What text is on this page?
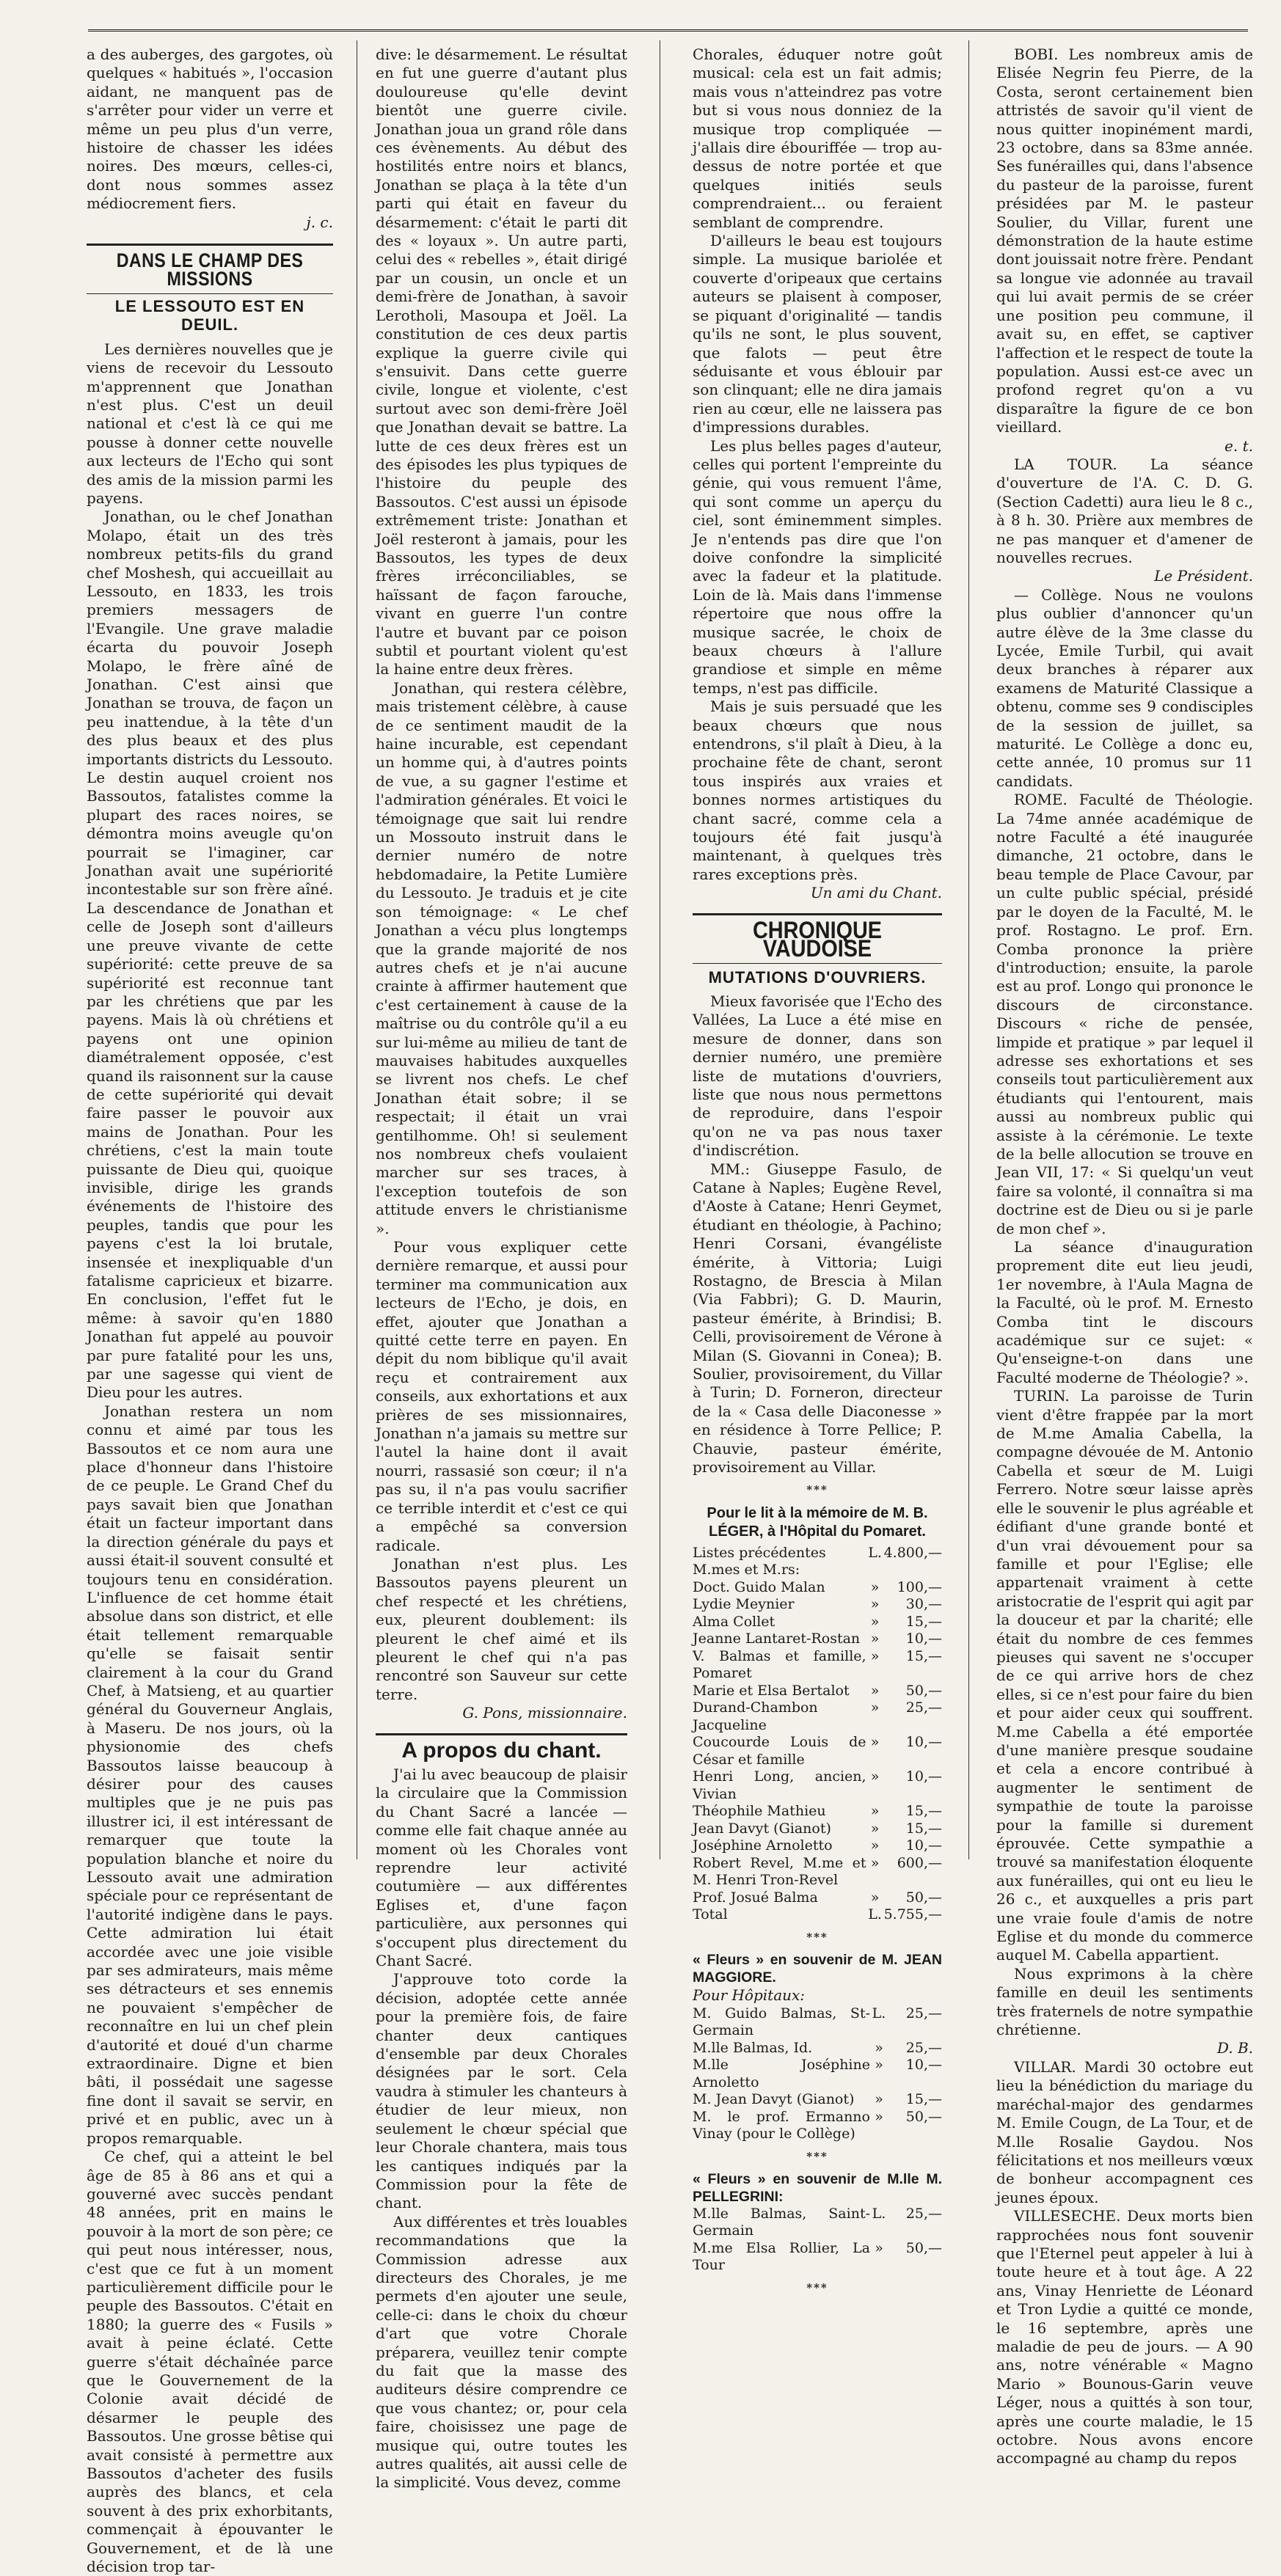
a des auberges, des gargotes, où quelques « habitués », l'occasion aidant, ne manquent pas de s'arrêter pour vider un verre et même un peu plus d'un verre, histoire de chasser les idées noires. Des mœurs, celles-ci, dont nous sommes assez médiocrement fiers.

j. c.

DANS LE CHAMP DES MISSIONS
LE LESSOUTO EST EN DEUIL.

Les dernières nouvelles que je viens de recevoir du Lessouto m'apprennent que Jonathan n'est plus. C'est un deuil national et c'est là ce qui me pousse à donner cette nouvelle aux lecteurs de l'Echo qui sont des amis de la mission parmi les payens.

Jonathan, ou le chef Jonathan Molapo, était un des très nombreux petits-fils du grand chef Moshesh, qui accueillait au Lessouto, en 1833, les trois premiers messagers de l'Evangile. Une grave maladie écarta du pouvoir Joseph Molapo, le frère aîné de Jonathan. C'est ainsi que Jonathan se trouva, de façon un peu inattendue, à la tête d'un des plus beaux et des plus importants districts du Lessouto. Le destin auquel croient nos Bassoutos, fatalistes comme la plupart des races noires, se démontra moins aveugle qu'on pourrait se l'imaginer, car Jonathan avait une supériorité incontestable sur son frère aîné. La descendance de Jonathan et celle de Joseph sont d'ailleurs une preuve vivante de cette supériorité: cette preuve de sa supériorité est reconnue tant par les chrétiens que par les payens. Mais là où chrétiens et payens ont une opinion diamétralement opposée, c'est quand ils raisonnent sur la cause de cette supériorité qui devait faire passer le pouvoir aux mains de Jonathan. Pour les chrétiens, c'est la main toute puissante de Dieu qui, quoique invisible, dirige les grands événements de l'histoire des peuples, tandis que pour les payens c'est la loi brutale, insensée et inexpliquable d'un fatalisme capricieux et bizarre. En conclusion, l'effet fut le même: à savoir qu'en 1880 Jonathan fut appelé au pouvoir par pure fatalité pour les uns, par une sagesse qui vient de Dieu pour les autres.

Jonathan restera un nom connu et aimé par tous les Bassoutos et ce nom aura une place d'honneur dans l'histoire de ce peuple. Le Grand Chef du pays savait bien que Jonathan était un facteur important dans la direction générale du pays et aussi était-il souvent consulté et toujours tenu en considération. L'influence de cet homme était absolue dans son district, et elle était tellement remarquable qu'elle se faisait sentir clairement à la cour du Grand Chef, à Matsieng, et au quartier général du Gouverneur Anglais, à Maseru. De nos jours, où la physionomie des chefs Bassoutos laisse beaucoup à désirer pour des causes multiples que je ne puis pas illustrer ici, il est intéressant de remarquer que toute la population blanche et noire du Lessouto avait une admiration spéciale pour ce représentant de l'autorité indigène dans le pays. Cette admiration lui était accordée avec une joie visible par ses admirateurs, mais même ses détracteurs et ses ennemis ne pouvaient s'empêcher de reconnaître en lui un chef plein d'autorité et doué d'un charme extraordinaire. Digne et bien bâti, il possédait une sagesse fine dont il savait se servir, en privé et en public, avec un à propos remarquable.

Ce chef, qui a atteint le bel âge de 85 à 86 ans et qui a gouverné avec succès pendant 48 années, prit en mains le pouvoir à la mort de son père; ce qui peut nous intéresser, nous, c'est que ce fut à un moment particulièrement difficile pour le peuple des Bassoutos. C'était en 1880; la guerre des « Fusils » avait à peine éclaté. Cette guerre s'était déchaînée parce que le Gouvernement de la Colonie avait décidé de désarmer le peuple des Bassoutos. Une grosse bêtise qui avait consisté à permettre aux Bassoutos d'acheter des fusils auprès des blancs, et cela souvent à des prix exhorbitants, commençait à épouvanter le Gouvernement, et de là une décision trop tar-

dive: le désarmement. Le résultat en fut une guerre d'autant plus douloureuse qu'elle devint bientôt une guerre civile. Jonathan joua un grand rôle dans ces évènements. Au début des hostilités entre noirs et blancs, Jonathan se plaça à la tête d'un parti qui était en faveur du désarmement: c'était le parti dit des « loyaux ». Un autre parti, celui des « rebelles », était dirigé par un cousin, un oncle et un demi-frère de Jonathan, à savoir Lerotholi, Masoupa et Joël. La constitution de ces deux partis explique la guerre civile qui s'ensuivit. Dans cette guerre civile, longue et violente, c'est surtout avec son demi-frère Joël que Jonathan devait se battre. La lutte de ces deux frères est un des épisodes les plus typiques de l'histoire du peuple des Bassoutos. C'est aussi un épisode extrêmement triste: Jonathan et Joël resteront à jamais, pour les Bassoutos, les types de deux frères irréconciliables, se haïssant de façon farouche, vivant en guerre l'un contre l'autre et buvant par ce poison subtil et pourtant violent qu'est la haine entre deux frères.

Jonathan, qui restera célèbre, mais tristement célèbre, à cause de ce sentiment maudit de la haine incurable, est cependant un homme qui, à d'autres points de vue, a su gagner l'estime et l'admiration générales. Et voici le témoignage que sait lui rendre un Mossouto instruit dans le dernier numéro de notre hebdomadaire, la Petite Lumière du Lessouto. Je traduis et je cite son témoignage: « Le chef Jonathan a vécu plus longtemps que la grande majorité de nos autres chefs et je n'ai aucune crainte à affirmer hautement que c'est certainement à cause de la maîtrise ou du contrôle qu'il a eu sur lui-même au milieu de tant de mauvaises habitudes auxquelles se livrent nos chefs. Le chef Jonathan était sobre; il se respectait; il était un vrai gentilhomme. Oh! si seulement nos nombreux chefs voulaient marcher sur ses traces, à l'exception toutefois de son attitude envers le christianisme ».

Pour vous expliquer cette dernière remarque, et aussi pour terminer ma communication aux lecteurs de l'Echo, je dois, en effet, ajouter que Jonathan a quitté cette terre en payen. En dépit du nom biblique qu'il avait reçu et contrairement aux conseils, aux exhortations et aux prières de ses missionnaires, Jonathan n'a jamais su mettre sur l'autel la haine dont il avait nourri, rassasié son cœur; il n'a pas su, il n'a pas voulu sacrifier ce terrible interdit et c'est ce qui a empêché sa conversion radicale.

Jonathan n'est plus. Les Bassoutos payens pleurent un chef respecté et les chrétiens, eux, pleurent doublement: ils pleurent le chef aimé et ils pleurent le chef qui n'a pas rencontré son Sauveur sur cette terre.

G. Pons, missionnaire.

A propos du chant.

J'ai lu avec beaucoup de plaisir la circulaire que la Commission du Chant Sacré a lancée — comme elle fait chaque année au moment où les Chorales vont reprendre leur activité coutumière — aux différentes Eglises et, d'une façon particulière, aux personnes qui s'occupent plus directement du Chant Sacré.

J'approuve toto corde la décision, adoptée cette année pour la première fois, de faire chanter deux cantiques d'ensemble par deux Chorales désignées par le sort. Cela vaudra à stimuler les chanteurs à étudier de leur mieux, non seulement le chœur spécial que leur Chorale chantera, mais tous les cantiques indiqués par la Commission pour la fête de chant.

Aux différentes et très louables recommandations que la Commission adresse aux directeurs des Chorales, je me permets d'en ajouter une seule, celle-ci: dans le choix du chœur d'art que votre Chorale préparera, veuillez tenir compte du fait que la masse des auditeurs désire comprendre ce que vous chantez; or, pour cela faire, choisissez une page de musique qui, outre toutes les autres qualités, ait aussi celle de la simplicité. Vous devez, comme

Chorales, éduquer notre goût musical: cela est un fait admis; mais vous n'atteindrez pas votre but si vous nous donniez de la musique trop compliquée — j'allais dire ébouriffée — trop au-dessus de notre portée et que quelques initiés seuls comprendraient... ou feraient semblant de comprendre.

D'ailleurs le beau est toujours simple. La musique bariolée et couverte d'oripeaux que certains auteurs se plaisent à composer, se piquant d'originalité — tandis qu'ils ne sont, le plus souvent, que falots — peut être séduisante et vous éblouir par son clinquant; elle ne dira jamais rien au cœur, elle ne laissera pas d'impressions durables.

Les plus belles pages d'auteur, celles qui portent l'empreinte du génie, qui vous remuent l'âme, qui sont comme un aperçu du ciel, sont éminemment simples. Je n'entends pas dire que l'on doive confondre la simplicité avec la fadeur et la platitude. Loin de là. Mais dans l'immense répertoire que nous offre la musique sacrée, le choix de beaux chœurs à l'allure grandiose et simple en même temps, n'est pas difficile.

Mais je suis persuadé que les beaux chœurs que nous entendrons, s'il plaît à Dieu, à la prochaine fête de chant, seront tous inspirés aux vraies et bonnes normes artistiques du chant sacré, comme cela a toujours été fait jusqu'à maintenant, à quelques très rares exceptions près.

Un ami du Chant.

CHRONIQUE VAUDOISE
MUTATIONS D'OUVRIERS.

Mieux favorisée que l'Echo des Vallées, La Luce a été mise en mesure de donner, dans son dernier numéro, une première liste de mutations d'ouvriers, liste que nous nous permettons de reproduire, dans l'espoir qu'on ne va pas nous taxer d'indiscrétion.

MM.: Giuseppe Fasulo, de Catane à Naples; Eugène Revel, d'Aoste à Catane; Henri Geymet, étudiant en théologie, à Pachino; Henri Corsani, évangéliste émérite, à Vittoria; Luigi Rostagno, de Brescia à Milan (Via Fabbri); G. D. Maurin, pasteur émérite, à Brindisi; B. Celli, provisoirement de Vérone à Milan (S. Giovanni in Conea); B. Soulier, provisoirement, du Villar à Turin; D. Forneron, directeur de la « Casa delle Diaconesse » en résidence à Torre Pellice; P. Chauvie, pasteur émérite, provisoirement au Villar.

***
Pour le lit à la mémoire de M. B. LÉGER, à l'Hôpital du Pomaret.
Listes précédentes	L.	4.800,—
M.mes et M.rs:		
Doct. Guido Malan	»	100,—
Lydie Meynier	»	30,—
Alma Collet	»	15,—
Jeanne Lantaret-Rostan	»	10,—
V. Balmas et famille, Pomaret	»	15,—
Marie et Elsa Bertalot	»	50,—
Durand-Chambon Jacqueline	»	25,—
Coucourde Louis de César et famille	»	10,—
Henri Long, ancien, Vivian	»	10,—
Théophile Mathieu	»	15,—
Jean Davyt (Gianot)	»	15,—
Joséphine Arnoletto	»	10,—
Robert Revel, M.me et M. Henri Tron-Revel	»	600,—
Prof. Josué Balma	»	50,—
Total	L.	5.755,—
***
« Fleurs » en souvenir de M. JEAN MAGGIORE.
Pour Hôpitaux:
M. Guido Balmas, St-Germain	L.	25,—
M.lle Balmas, Id.	»	25,—
M.lle Joséphine Arnoletto	»	10,—
M. Jean Davyt (Gianot)	»	15,—
M. le prof. Ermanno Vinay (pour le Collège)	»	50,—
***
« Fleurs » en souvenir de M.lle M. PELLEGRINI:
M.lle Balmas, Saint-Germain	L.	25,—
M.me Elsa Rollier, La Tour	»	50,—
***

BOBI. Les nombreux amis de Elisée Negrin feu Pierre, de la Costa, seront certainement bien attristés de savoir qu'il vient de nous quitter inopinément mardi, 23 octobre, dans sa 83me année. Ses funérailles qui, dans l'absence du pasteur de la paroisse, furent présidées par M. le pasteur Soulier, du Villar, furent une démonstration de la haute estime dont jouissait notre frère. Pendant sa longue vie adonnée au travail qui lui avait permis de se créer une position peu commune, il avait su, en effet, se captiver l'affection et le respect de toute la population. Aussi est-ce avec un profond regret qu'on a vu disparaître la figure de ce bon vieillard.

e. t.

LA TOUR. La séance d'ouverture de l'A. C. D. G. (Section Cadetti) aura lieu le 8 c., à 8 h. 30. Prière aux membres de ne pas manquer et d'amener de nouvelles recrues.

Le Président.

— Collège. Nous ne voulons plus oublier d'annoncer qu'un autre élève de la 3me classe du Lycée, Emile Turbil, qui avait deux branches à réparer aux examens de Maturité Classique a obtenu, comme ses 9 condisciples de la session de juillet, sa maturité. Le Collège a donc eu, cette année, 10 promus sur 11 candidats.

ROME. Faculté de Théologie. La 74me année académique de notre Faculté a été inaugurée dimanche, 21 octobre, dans le beau temple de Place Cavour, par un culte public spécial, présidé par le doyen de la Faculté, M. le prof. Rostagno. Le prof. Ern. Comba prononce la prière d'introduction; ensuite, la parole est au prof. Longo qui prononce le discours de circonstance. Discours « riche de pensée, limpide et pratique » par lequel il adresse ses exhortations et ses conseils tout particulièrement aux étudiants qui l'entourent, mais aussi au nombreux public qui assiste à la cérémonie. Le texte de la belle allocution se trouve en Jean VII, 17: « Si quelqu'un veut faire sa volonté, il connaîtra si ma doctrine est de Dieu ou si je parle de mon chef ».

La séance d'inauguration proprement dite eut lieu jeudi, 1er novembre, à l'Aula Magna de la Faculté, où le prof. M. Ernesto Comba tint le discours académique sur ce sujet: « Qu'enseigne-t-on dans une Faculté moderne de Théologie? ».

TURIN. La paroisse de Turin vient d'être frappée par la mort de M.me Amalia Cabella, la compagne dévouée de M. Antonio Cabella et sœur de M. Luigi Ferrero. Notre sœur laisse après elle le souvenir le plus agréable et édifiant d'une grande bonté et d'un vrai dévouement pour sa famille et pour l'Eglise; elle appartenait vraiment à cette aristocratie de l'esprit qui agit par la douceur et par la charité; elle était du nombre de ces femmes pieuses qui savent ne s'occuper de ce qui arrive hors de chez elles, si ce n'est pour faire du bien et pour aider ceux qui souffrent. M.me Cabella a été emportée d'une manière presque soudaine et cela a encore contribué à augmenter le sentiment de sympathie de toute la paroisse pour la famille si durement éprouvée. Cette sympathie a trouvé sa manifestation éloquente aux funérailles, qui ont eu lieu le 26 c., et auxquelles a pris part une vraie foule d'amis de notre Eglise et du monde du commerce auquel M. Cabella appartient.

Nous exprimons à la chère famille en deuil les sentiments très fraternels de notre sympathie chrétienne.

D. B.

VILLAR. Mardi 30 octobre eut lieu la bénédiction du mariage du maréchal-major des gendarmes M. Emile Cougn, de La Tour, et de M.lle Rosalie Gaydou. Nos félicitations et nos meilleurs vœux de bonheur accompagnent ces jeunes époux.

VILLESECHE. Deux morts bien rapprochées nous font souvenir que l'Eternel peut appeler à lui à toute heure et à tout âge. A 22 ans, Vinay Henriette de Léonard et Tron Lydie a quitté ce monde, le 16 septembre, après une maladie de peu de jours. — A 90 ans, notre vénérable « Magno Mario » Bounous-Garin veuve Léger, nous a quittés à son tour, après une courte maladie, le 15 octobre. Nous avons encore accompagné au champ du repos
